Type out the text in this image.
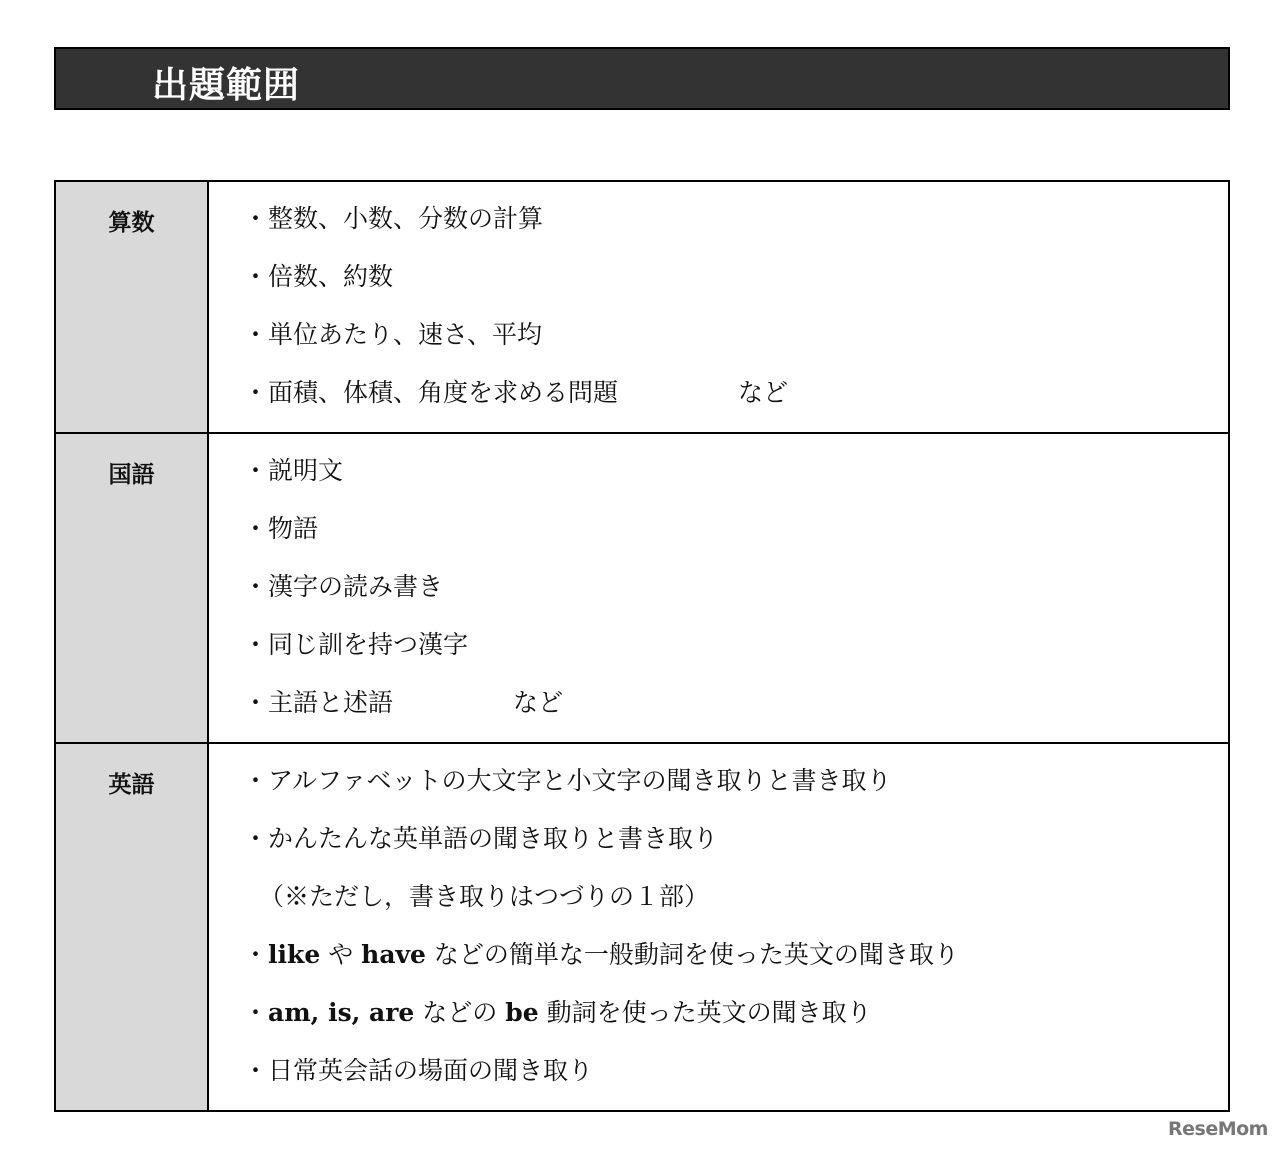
出題範囲
算数	・整数、小数、分数の計算
・倍数、約数
・単位あたり、速さ、平均
・面積、体積、角度を求める問題	など
国語	・説明文
・物語
・漢字の読み書き
・同じ訓を持つ漢字
・主語と述語	など
英語	・アルファベットの大文字と小文字の聞き取りと書き取り
・かんたんな英単語の聞き取りと書き取り
（※ただし，書き取りはつづりの１部）
・like や have などの簡単な一般動詞を使った英文の聞き取り
・am, is, are などの be 動詞を使った英文の聞き取り
・日常英会話の場面の聞き取り
ReseMom
